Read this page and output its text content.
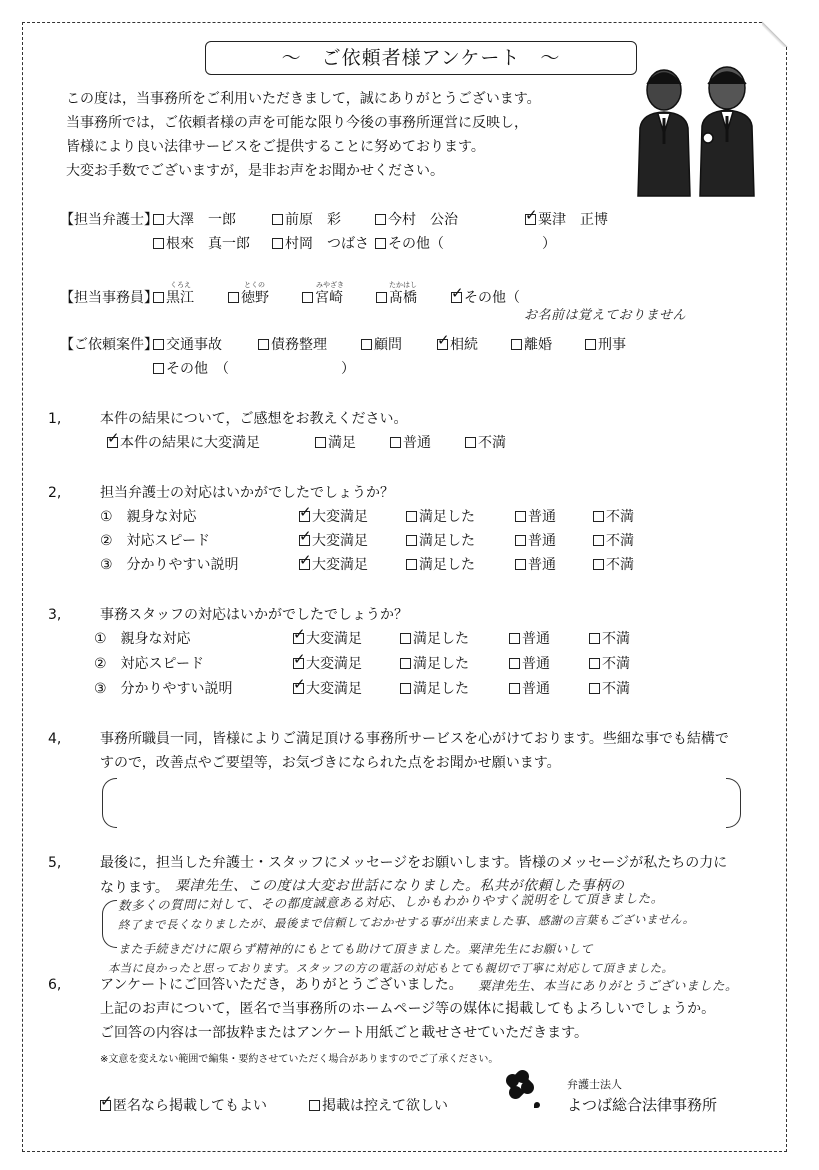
～　ご依頼者様アンケート　～
この度は，当事務所をご利用いただきまして，誠にありがとうございます。
当事務所では，ご依頼者様の声を可能な限り今後の事務所運営に反映し，
皆様により良い法律サービスをご提供することに努めております。
大変お手数でございますが，是非お声をお聞かせください。
【担当弁護士】 大澤　一郎	前原　彩	今村　公治 ✓	粟津　正博
根來　真一郎	村岡　つばさ	その他（　　　　　　　）
【担当事務員】
くろえ	とくの	みやざき	たかはし
黒江	徳野	宮崎	髙橋 ✓	その他（
お名前は覚えておりません
【ご依頼案件】 交通事故	債務整理	顧問 ✓	相続	離婚	刑事
その他　（　　　　　　　　）
1,	本件の結果について，ご感想をお教えください。
✓本件の結果に大変満足	満足	普通	不満
2,	担当弁護士の対応はいかがでしたでしょうか？
①　親身な対応 ✓	大変満足	満足した	普通	不満
②　対応スピード ✓	大変満足	満足した	普通	不満
③　分かりやすい説明 ✓	大変満足	満足した	普通	不満
3,	事務スタッフの対応はいかがでしたでしょうか？
①　親身な対応 ✓	大変満足	満足した	普通	不満
②　対応スピード ✓	大変満足	満足した	普通	不満
③　分かりやすい説明 ✓	大変満足	満足した	普通	不満
4,	事務所職員一同，皆様によりご満足頂ける事務所サービスを心がけております。些細な事でも結構で
すので，改善点やご要望等，お気づきになられた点をお聞かせ願います。
5,	最後に，担当した弁護士・スタッフにメッセージをお願いします。皆様のメッセージが私たちの力に
なります。 粟津先生、この度は大変お世話になりました。私共が依頼した事柄の
数多くの質問に対して、その都度誠意ある対応、しかもわかりやすく説明をして頂きました。
終了まで長くなりましたが、最後まで信頼しておかせする事が出来ました事、感謝の言葉もございません。
また手続きだけに限らず精神的にもとても助けて頂きました。粟津先生にお願いして
本当に良かったと思っております。スタッフの方の電話の対応もとても親切で丁寧に対応して頂きました。
6,	アンケートにご回答いただき，ありがとうございました。 粟津先生、本当にありがとうございました。
上記のお声について，匿名で当事務所のホームページ等の媒体に掲載してもよろしいでしょうか。
ご回答の内容は一部抜粋またはアンケート用紙ごと載せさせていただきます。
※文意を変えない範囲で編集・要約させていただく場合がありますのでご了承ください。
✓匿名なら掲載してもよい	掲載は控えて欲しい
弁護士法人
よつば総合法律事務所
